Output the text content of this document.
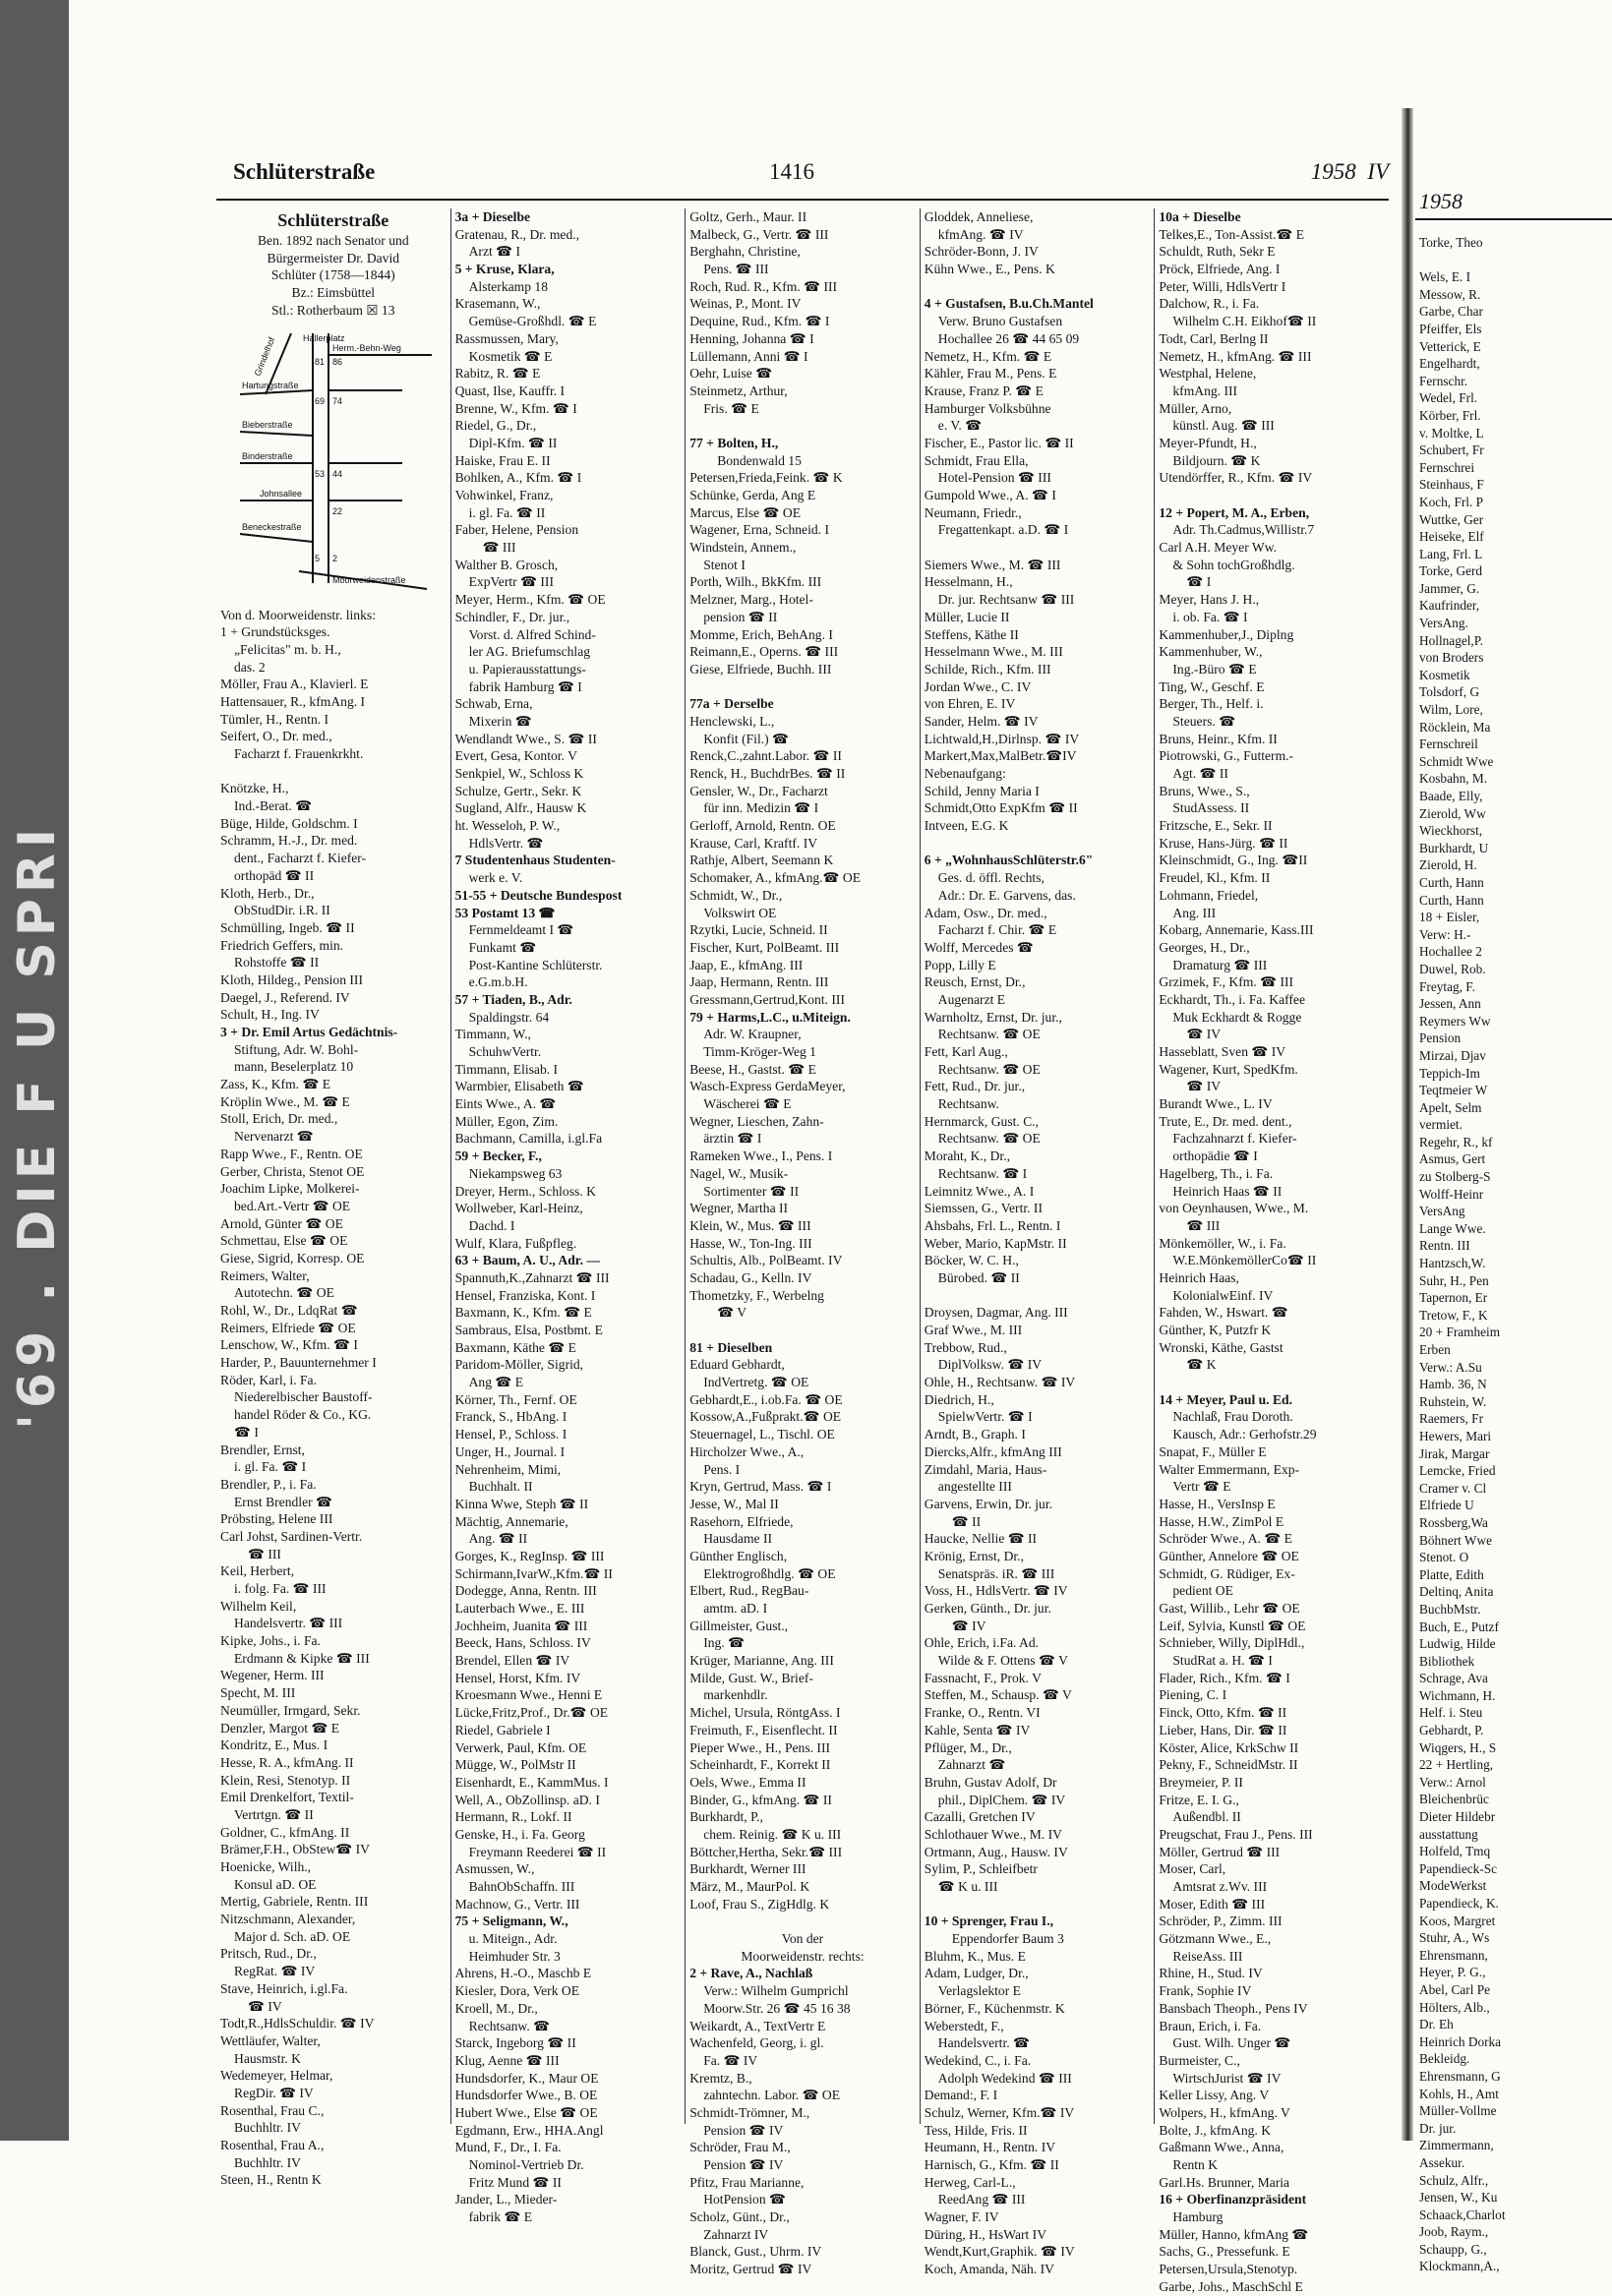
'69 . DIE F U SPRI
1958
Torke, Theo
Wels, E. I
Messow, R.
Garbe, Char
Pfeiffer, Els
Vetterick, E
Engelhardt,
Fernschr.
Wedel, Frl.
Körber, Frl.
v. Moltke, L
Schubert, Fr
Fernschrei
Steinhaus, F
Koch, Frl. P
Wuttke, Ger
Heiseke, Elf
Lang, Frl. L
Torke, Gerd
Jammer, G.
Kaufrinder,
VersAng.
Hollnagel,P.
von Broders
Kosmetik
Tolsdorf, G
Wilm, Lore,
Röcklein, Ma
Fernschreil
Schmidt Wwe
Kosbahn, M.
Baade, Elly,
Zierold, Ww
Wieckhorst,
Burkhardt, U
Zierold, H.
Curth, Hann
Curth, Hann
18 + Eisler,
Verw: H.-
Hochallee 2
Duwel, Rob.
Freytag, F.
Jessen, Ann
Reymers Ww
Pension
Mirzai, Djav
Teppich-Im
Teqtmeier W
Apelt, Selm
vermiet.
Regehr, R., kf
Asmus, Gert
zu Stolberg-S
Wolff-Heinr
VersAng
Lange Wwe.
Rentn. III
Hantzsch,W.
Suhr, H., Pen
Tapernon, Er
Tretow, F., K
20 + Framheim
Erben
Verw.: A.Su
Hamb. 36, N
Ruhstein, W.
Raemers, Fr
Hewers, Mari
Jirak, Margar
Lemcke, Fried
Cramer v. Cl
Elfriede U
Rossberg,Wa
Böhnert Wwe
Stenot. O
Platte, Edith
Deltinq, Anita
BuchbMstr.
Buch, E., Putzf
Ludwig, Hilde
Bibliothek
Schrage, Ava
Wichmann, H.
Helf. i. Steu
Gebhardt, P.
Wiqgers, H., S
22 + Hertling,
Verw.: Arnol
Bleichenbrüc
Dieter Hildebr
ausstattung
Holfeld, Tmq
Papendieck-Sc
ModeWerkst
Papendieck, K.
Koos, Margret
Stuhr, A., Ws
Ehrensmann,
Heyer, P. G.,
Abel, Carl Pe
Hölters, Alb.,
Dr. Eh
Heinrich Dorka
Bekleidg.
Ehrensmann, G
Kohls, H., Amt
Müller-Vollme
Dr. jur.
Zimmermann,
Assekur.
Schulz, Alfr.,
Jensen, W., Ku
Schaack,Charlot
Joob, Raym.,
Schaupp, G.,
Klockmann,A.,
Schlüterstraße	1416	1958 IV
Schlüterstraße
Ben. 1892 nach Senator und
Bürgermeister Dr. David
Schlüter (1758—1844)
Bz.: Eimsbüttel
Stl.: Rotherbaum ☒ 13
Hallerplatz
Grindelhof	Herm.-Behn-Weg
81 86
Hartungstraße
69 74
Bieberstraße
Binderstraße
53 44
Johnsallee
22
Beneckestraße
Moorweidenstraße
5 2
Von d. Moorweidenstr. links:
1 + Grundstücksges.
„Felicitas" m. b. H.,
das. 2
Möller, Frau A., Klavierl. E
Hattensauer, R., kfmAng. I
Tümler, H., Rentn. I
Seifert, O., Dr. med.,
Facharzt f. Frauenkrkht.
Knötzke, H.,
Ind.-Berat. ☎
Büge, Hilde, Goldschm. I
Schramm, H.-J., Dr. med.
dent., Facharzt f. Kiefer-
orthopäd ☎ II
Kloth, Herb., Dr.,
ObStudDir. i.R. II
Schmülling, Ingeb. ☎ II
Friedrich Geffers, min.
Rohstoffe ☎ II
Kloth, Hildeg., Pension III
Daegel, J., Referend. IV
Schult, H., Ing. IV
3 + Dr. Emil Artus Gedächtnis-
Stiftung, Adr. W. Bohl-
mann, Beselerplatz 10
Zass, K., Kfm. ☎ E
Kröplin Wwe., M. ☎ E
Stoll, Erich, Dr. med.,
Nervenarzt ☎
Rapp Wwe., F., Rentn. OE
Gerber, Christa, Stenot OE
Joachim Lipke, Molkerei-
bed.Art.-Vertr ☎ OE
Arnold, Günter ☎ OE
Schmettau, Else ☎ OE
Giese, Sigrid, Korresp. OE
Reimers, Walter,
Autotechn. ☎ OE
Rohl, W., Dr., LdqRat ☎
Reimers, Elfriede ☎ OE
Lenschow, W., Kfm. ☎ I
Harder, P., Bauunternehmer I
Röder, Karl, i. Fa.
Niederelbischer Baustoff-
handel Röder & Co., KG.
☎ I
Brendler, Ernst,
i. gl. Fa. ☎ I
Brendler, P., i. Fa.
Ernst Brendler ☎
Pröbsting, Helene III
Carl Johst, Sardinen-Vertr.
☎ III
Keil, Herbert,
i. folg. Fa. ☎ III
Wilhelm Keil,
Handelsvertr. ☎ III
Kipke, Johs., i. Fa.
Erdmann & Kipke ☎ III
Wegener, Herm. III
Specht, M. III
Neumüller, Irmgard, Sekr.
Denzler, Margot ☎ E
Kondritz, E., Mus. I
Hesse, R. A., kfmAng. II
Klein, Resi, Stenotyp. II
Emil Drenkelfort, Textil-
Vertrtgn. ☎ II
Goldner, C., kfmAng. II
Brämer,F.H., ObStew☎ IV
Hoenicke, Wilh.,
Konsul aD. OE
Mertig, Gabriele, Rentn. III
Nitzschmann, Alexander,
Major d. Sch. aD. OE
Pritsch, Rud., Dr.,
RegRat. ☎ IV
Stave, Heinrich, i.gl.Fa.
☎ IV
Todt,R.,HdlsSchuldir. ☎ IV
Wettläufer, Walter,
Hausmstr. K
Wedemeyer, Helmar,
RegDir. ☎ IV
Rosenthal, Frau C.,
Buchhltr. IV
Rosenthal, Frau A.,
Buchhltr. IV
Steen, H., Rentn K
3a + Dieselbe
Gratenau, R., Dr. med.,
Arzt ☎ I
5 + Kruse, Klara,
Alsterkamp 18
Krasemann, W.,
Gemüse-Großhdl. ☎ E
Rassmussen, Mary,
Kosmetik ☎ E
Rabitz, R. ☎ E
Quast, Ilse, Kauffr. I
Brenne, W., Kfm. ☎ I
Riedel, G., Dr.,
Dipl-Kfm. ☎ II
Haiske, Frau E. II
Bohlken, A., Kfm. ☎ I
Vohwinkel, Franz,
i. gl. Fa. ☎ II
Faber, Helene, Pension
☎ III
Walther B. Grosch,
ExpVertr ☎ III
Meyer, Herm., Kfm. ☎ OE
Schindler, F., Dr. jur.,
Vorst. d. Alfred Schind-
ler AG. Briefumschlag
u. Papierausstattungs-
fabrik Hamburg ☎ I
Schwab, Erna,
Mixerin ☎
Wendlandt Wwe., S. ☎ II
Evert, Gesa, Kontor. V
Senkpiel, W., Schloss K
Schulze, Gertr., Sekr. K
Sugland, Alfr., Hausw K
ht. Wesseloh, P. W.,
HdlsVertr. ☎
7 Studentenhaus Studenten-
werk e. V.
51-55 + Deutsche Bundespost
53 Postamt 13 ☎
Fernmeldeamt I ☎
Funkamt ☎
Post-Kantine Schlüterstr.
e.G.m.b.H.
57 + Tiaden, B., Adr.
Spaldingstr. 64
Timmann, W.,
SchuhwVertr.
Timmann, Elisab. I
Warmbier, Elisabeth ☎
Eints Wwe., A. ☎
Müller, Egon, Zim.
Bachmann, Camilla, i.gl.Fa
59 + Becker, F.,
Niekampsweg 63
Dreyer, Herm., Schloss. K
Wollweber, Karl-Heinz,
Dachd. I
Wulf, Klara, Fußpfleg.
63 + Baum, A. U., Adr. —
Spannuth,K.,Zahnarzt ☎ III
Hensel, Franziska, Kont. I
Baxmann, K., Kfm. ☎ E
Sambraus, Elsa, Postbmt. E
Baxmann, Käthe ☎ E
Paridom-Möller, Sigrid,
Ang ☎ E
Körner, Th., Fernf. OE
Franck, S., HbAng. I
Hensel, P., Schloss. I
Unger, H., Journal. I
Nehrenheim, Mimi,
Buchhalt. II
Kinna Wwe, Steph ☎ II
Mächtig, Annemarie,
Ang. ☎ II
Gorges, K., RegInsp. ☎ III
Schirmann,IvarW.,Kfm.☎ II
Dodegge, Anna, Rentn. III
Lauterbach Wwe., E. III
Jochheim, Juanita ☎ III
Beeck, Hans, Schloss. IV
Brendel, Ellen ☎ IV
Hensel, Horst, Kfm. IV
Kroesmann Wwe., Henni E
Lücke,Fritz,Prof., Dr.☎ OE
Riedel, Gabriele I
Verwerk, Paul, Kfm. OE
Mügge, W., PolMstr II
Eisenhardt, E., KammMus. I
Well, A., ObZollinsp. aD. I
Hermann, R., Lokf. II
Genske, H., i. Fa. Georg
Freymann Reederei ☎ II
Asmussen, W.,
BahnObSchaffn. III
Machnow, G., Vertr. III
75 + Seligmann, W.,
u. Miteign., Adr.
Heimhuder Str. 3
Ahrens, H.-O., Maschb E
Kiesler, Dora, Verk OE
Kroell, M., Dr.,
Rechtsanw. ☎
Starck, Ingeborg ☎ II
Klug, Aenne ☎ III
Hundsdorfer, K., Maur OE
Hundsdorfer Wwe., B. OE
Hubert Wwe., Else ☎ OE
Egdmann, Erw., HHA.Angl
Mund, F., Dr., I. Fa.
Nominol-Vertrieb Dr.
Fritz Mund ☎ II
Jander, L., Mieder-
fabrik ☎ E
Goltz, Gerh., Maur. II
Malbeck, G., Vertr. ☎ III
Berghahn, Christine,
Pens. ☎ III
Roch, Rud. R., Kfm. ☎ III
Weinas, P., Mont. IV
Dequine, Rud., Kfm. ☎ I
Henning, Johanna ☎ I
Lüllemann, Anni ☎ I
Oehr, Luise ☎
Steinmetz, Arthur,
Fris. ☎ E
77 + Bolten, H.,
Bondenwald 15
Petersen,Frieda,Feink. ☎ K
Schünke, Gerda, Ang E
Marcus, Else ☎ OE
Wagener, Erna, Schneid. I
Windstein, Annem.,
Stenot I
Porth, Wilh., BkKfm. III
Melzner, Marg., Hotel-
pension ☎ II
Momme, Erich, BehAng. I
Reimann,E., Operns. ☎ III
Giese, Elfriede, Buchh. III
77a + Derselbe
Henclewski, L.,
Konfit (Fil.) ☎
Renck,C.,zahnt.Labor. ☎ II
Renck, H., BuchdrBes. ☎ II
Gensler, W., Dr., Facharzt
für inn. Medizin ☎ I
Gerloff, Arnold, Rentn. OE
Krause, Carl, Kraftf. IV
Rathje, Albert, Seemann K
Schomaker, A., kfmAng.☎ OE
Schmidt, W., Dr.,
Volkswirt OE
Rzytki, Lucie, Schneid. II
Fischer, Kurt, PolBeamt. III
Jaap, E., kfmAng. III
Jaap, Hermann, Rentn. III
Gressmann,Gertrud,Kont. III
79 + Harms,L.C., u.Miteign.
Adr. W. Kraupner,
Timm-Kröger-Weg 1
Beese, H., Gastst. ☎ E
Wasch-Express GerdaMeyer,
Wäscherei ☎ E
Wegner, Lieschen, Zahn-
ärztin ☎ I
Rameken Wwe., I., Pens. I
Nagel, W., Musik-
Sortimenter ☎ II
Wegner, Martha II
Klein, W., Mus. ☎ III
Hasse, W., Ton-Ing. III
Schultis, Alb., PolBeamt. IV
Schadau, G., Kelln. IV
Thometzky, F., Werbelng
☎ V
81 + Dieselben
Eduard Gebhardt,
IndVertretg. ☎ OE
Gebhardt,E., i.ob.Fa. ☎ OE
Kossow,A.,Fußprakt.☎ OE
Steuernagel, L., Tischl. OE
Hircholzer Wwe., A.,
Pens. I
Kryn, Gertrud, Mass. ☎ I
Jesse, W., Mal II
Rasehorn, Elfriede,
Hausdame II
Günther Englisch,
Elektrogroßhdlg. ☎ OE
Elbert, Rud., RegBau-
amtm. aD. I
Gillmeister, Gust.,
Ing. ☎
Krüger, Marianne, Ang. III
Milde, Gust. W., Brief-
markenhdlr.
Michel, Ursula, RöntgAss. I
Freimuth, F., Eisenflecht. II
Pieper Wwe., H., Pens. III
Scheinhardt, F., Korrekt II
Oels, Wwe., Emma II
Binder, G., kfmAng. ☎ II
Burkhardt, P.,
chem. Reinig. ☎ K u. III
Böttcher,Hertha, Sekr.☎ III
Burkhardt, Werner III
März, M., MaurPol. K
Loof, Frau S., ZigHdlg. K
Von der
Moorweidenstr. rechts:
2 + Rave, A., Nachlaß
Verw.: Wilhelm Gumprichl
Moorw.Str. 26 ☎ 45 16 38
Weikardt, A., TextVertr E
Wachenfeld, Georg, i. gl.
Fa. ☎ IV
Kremtz, B.,
zahntechn. Labor. ☎ OE
Schmidt-Trömner, M.,
Pension ☎ IV
Schröder, Frau M.,
Pension ☎ IV
Pfitz, Frau Marianne,
HotPension ☎
Scholz, Günt., Dr.,
Zahnarzt IV
Blanck, Gust., Uhrm. IV
Moritz, Gertrud ☎ IV
Gloddek, Anneliese,
kfmAng. ☎ IV
Schröder-Bonn, J. IV
Kühn Wwe., E., Pens. K
4 + Gustafsen, B.u.Ch.Mantel
Verw. Bruno Gustafsen
Hochallee 26 ☎ 44 65 09
Nemetz, H., Kfm. ☎ E
Kähler, Frau M., Pens. E
Krause, Franz P. ☎ E
Hamburger Volksbühne
e. V. ☎
Fischer, E., Pastor lic. ☎ II
Schmidt, Frau Ella,
Hotel-Pension ☎ III
Gumpold Wwe., A. ☎ I
Neumann, Friedr.,
Fregattenkapt. a.D. ☎ I
Siemers Wwe., M. ☎ III
Hesselmann, H.,
Dr. jur. Rechtsanw ☎ III
Müller, Lucie II
Steffens, Käthe II
Hesselmann Wwe., M. III
Schilde, Rich., Kfm. III
Jordan Wwe., C. IV
von Ehren, E. IV
Sander, Helm. ☎ IV
Lichtwald,H.,Dirlnsp. ☎ IV
Markert,Max,MalBetr.☎IV
Nebenaufgang:
Schild, Jenny Maria I
Schmidt,Otto ExpKfm ☎ II
Intveen, E.G. K
6 + „WohnhausSchlüterstr.6"
Ges. d. öffl. Rechts,
Adr.: Dr. E. Garvens, das.
Adam, Osw., Dr. med.,
Facharzt f. Chir. ☎ E
Wolff, Mercedes ☎
Popp, Lilly E
Reusch, Ernst, Dr.,
Augenarzt E
Warnholtz, Ernst, Dr. jur.,
Rechtsanw. ☎ OE
Fett, Karl Aug.,
Rechtsanw. ☎ OE
Fett, Rud., Dr. jur.,
Rechtsanw.
Hernmarck, Gust. C.,
Rechtsanw. ☎ OE
Moraht, K., Dr.,
Rechtsanw. ☎ I
Leimnitz Wwe., A. I
Siemssen, G., Vertr. II
Ahsbahs, Frl. L., Rentn. I
Weber, Mario, KapMstr. II
Böcker, W. C. H.,
Bürobed. ☎ II
Droysen, Dagmar, Ang. III
Graf Wwe., M. III
Trebbow, Rud.,
DiplVolksw. ☎ IV
Ohle, H., Rechtsanw. ☎ IV
Diedrich, H.,
SpielwVertr. ☎ I
Arndt, B., Graph. I
Diercks,Alfr., kfmAng III
Zimdahl, Maria, Haus-
angestellte III
Garvens, Erwin, Dr. jur.
☎ II
Haucke, Nellie ☎ II
Krönig, Ernst, Dr.,
Senatspräs. iR. ☎ III
Voss, H., HdlsVertr. ☎ IV
Gerken, Günth., Dr. jur.
☎ IV
Ohle, Erich, i.Fa. Ad.
Wilde & F. Ottens ☎ V
Fassnacht, F., Prok. V
Steffen, M., Schausp. ☎ V
Franke, O., Rentn. VI
Kahle, Senta ☎ IV
Pflüger, M., Dr.,
Zahnarzt ☎
Bruhn, Gustav Adolf, Dr
phil., DiplChem. ☎ IV
Cazalli, Gretchen IV
Schlothauer Wwe., M. IV
Ortmann, Aug., Hausw. IV
Sylim, P., Schleifbetr
☎ K u. III
10 + Sprenger, Frau I.,
Eppendorfer Baum 3
Bluhm, K., Mus. E
Adam, Ludger, Dr.,
Verlagslektor E
Börner, F., Küchenmstr. K
Weberstedt, F.,
Handelsvertr. ☎
Wedekind, C., i. Fa.
Adolph Wedekind ☎ III
Demand:, F. I
Schulz, Werner, Kfm.☎ IV
Tess, Hilde, Fris. II
Heumann, H., Rentn. IV
Harnisch, G., Kfm. ☎ II
Herweg, Carl-L.,
ReedAng ☎ III
Wagner, F. IV
Düring, H., HsWart IV
Wendt,Kurt,Graphik. ☎ IV
Koch, Amanda, Näh. IV
10a + Dieselbe
Telkes,E., Ton-Assist.☎ E
Schuldt, Ruth, Sekr E
Pröck, Elfriede, Ang. I
Peter, Willi, HdlsVertr I
Dalchow, R., i. Fa.
Wilhelm C.H. Eikhof☎ II
Todt, Carl, Berlng II
Nemetz, H., kfmAng. ☎ III
Westphal, Helene,
kfmAng. III
Müller, Arno,
künstl. Aug. ☎ III
Meyer-Pfundt, H.,
Bildjourn. ☎ K
Utendörffer, R., Kfm. ☎ IV
12 + Popert, M. A., Erben,
Adr. Th.Cadmus,Willistr.7
Carl A.H. Meyer Ww.
& Sohn tochGroßhdlg.
☎ I
Meyer, Hans J. H.,
i. ob. Fa. ☎ I
Kammenhuber,J., Diplng
Kammenhuber, W.,
Ing.-Büro ☎ E
Ting, W., Geschf. E
Berger, Th., Helf. i.
Steuers. ☎
Bruns, Heinr., Kfm. II
Piotrowski, G., Futterm.-
Agt. ☎ II
Bruns, Wwe., S.,
StudAssess. II
Fritzsche, E., Sekr. II
Kruse, Hans-Jürg. ☎ II
Kleinschmidt, G., Ing. ☎II
Freudel, Kl., Kfm. II
Lohmann, Friedel,
Ang. III
Kobarg, Annemarie, Kass.III
Georges, H., Dr.,
Dramaturg ☎ III
Grzimek, F., Kfm. ☎ III
Eckhardt, Th., i. Fa. Kaffee
Muk Eckhardt & Rogge
☎ IV
Hasseblatt, Sven ☎ IV
Wagener, Kurt, SpedKfm.
☎ IV
Burandt Wwe., L. IV
Trute, E., Dr. med. dent.,
Fachzahnarzt f. Kiefer-
orthopädie ☎ I
Hagelberg, Th., i. Fa.
Heinrich Haas ☎ II
von Oeynhausen, Wwe., M.
☎ III
Mönkemöller, W., i. Fa.
W.E.MönkemöllerCo☎ II
Heinrich Haas,
KolonialwEinf. IV
Fahden, W., Hswart. ☎
Günther, K, Putzfr K
Wronski, Käthe, Gastst
☎ K
14 + Meyer, Paul u. Ed.
Nachlaß, Frau Doroth.
Kausch, Adr.: Gerhofstr.29
Snapat, F., Müller E
Walter Emmermann, Exp-
Vertr ☎ E
Hasse, H., VersInsp E
Hasse, H.W., ZimPol E
Schröder Wwe., A. ☎ E
Günther, Annelore ☎ OE
Schmidt, G. Rüdiger, Ex-
pedient OE
Gast, Willib., Lehr ☎ OE
Leif, Sylvia, Kunstl ☎ OE
Schnieber, Willy, DiplHdl.,
StudRat a. H. ☎ I
Flader, Rich., Kfm. ☎ I
Piening, C. I
Finck, Otto, Kfm. ☎ II
Lieber, Hans, Dir. ☎ II
Köster, Alice, KrkSchw II
Pekny, F., SchneidMstr. II
Breymeier, P. II
Fritze, E. I. G.,
Außendbl. II
Preugschat, Frau J., Pens. III
Möller, Gertrud ☎ III
Moser, Carl,
Amtsrat z.Wv. III
Moser, Edith ☎ III
Schröder, P., Zimm. III
Götzmann Wwe., E.,
ReiseAss. III
Rhine, H., Stud. IV
Frank, Sophie IV
Bansbach Theoph., Pens IV
Braun, Erich, i. Fa.
Gust. Wilh. Unger ☎
Burmeister, C.,
WirtschJurist ☎ IV
Keller Lissy, Ang. V
Wolpers, H., kfmAng. V
Bolte, J., kfmAng. K
Gaßmann Wwe., Anna,
Rentn K
Garl.Hs. Brunner, Maria
16 + Oberfinanzpräsident
Hamburg
Müller, Hanno, kfmAng ☎
Sachs, G., Pressefunk. E
Petersen,Ursula,Stenotyp.
Garbe, Johs., MaschSchl E
